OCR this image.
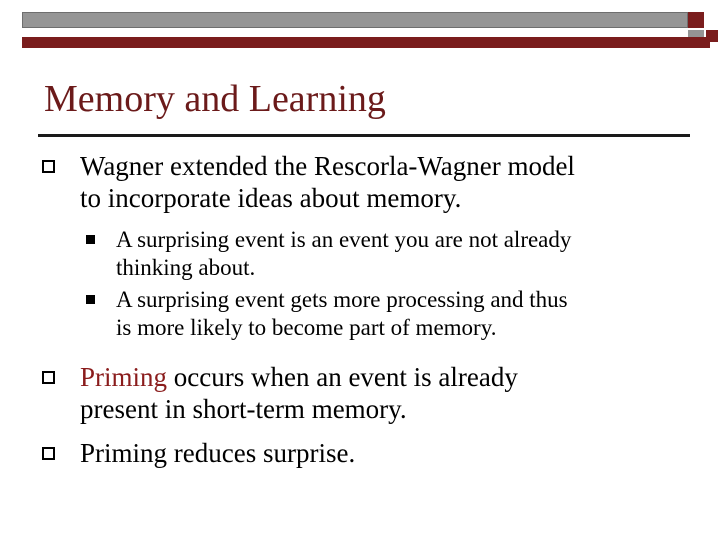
Memory and Learning
Wagner extended the Rescorla-Wagner model
to incorporate ideas about memory.
A surprising event is an event you are not already
thinking about.
A surprising event gets more processing and thus
is more likely to become part of memory.
Priming occurs when an event is already
present in short-term memory.
Priming reduces surprise.
